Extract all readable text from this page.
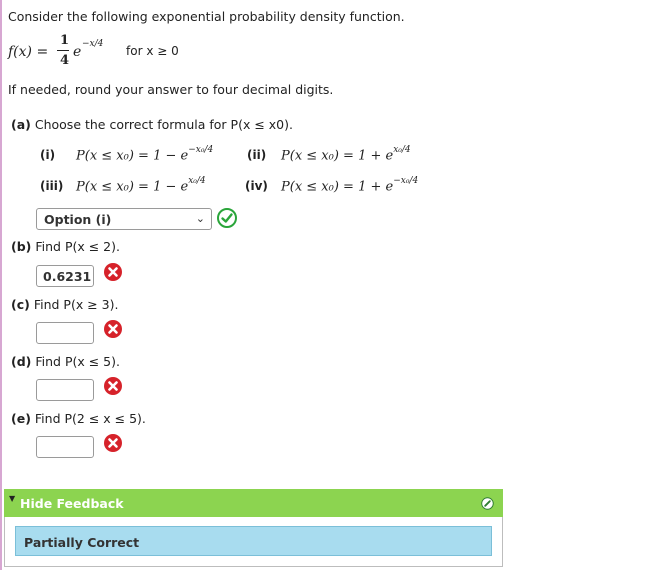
Consider the following exponential probability density function.
f(x) =
1
4
e −x/4 for x ≥ 0
If needed, round your answer to four decimal digits.
(a) Choose the correct formula for P(x ≤ x0).
(i) $P(x \le x_0) = 1 - e^{-x_0/4}$	(ii) $P(x \le x_0) = 1 + e^{x_0/4}$
(iii) $P(x \le x_0) = 1 - e^{x_0/4}$	(iv) $P(x \le x_0) = 1 + e^{-x_0/4}$
Option (i)	⌄
(b) Find P(x ≤ 2).
0.6231
(c) Find P(x ≥ 3).
(d) Find P(x ≤ 5).
(e) Find P(2 ≤ x ≤ 5).
▼ Hide Feedback
Partially Correct
